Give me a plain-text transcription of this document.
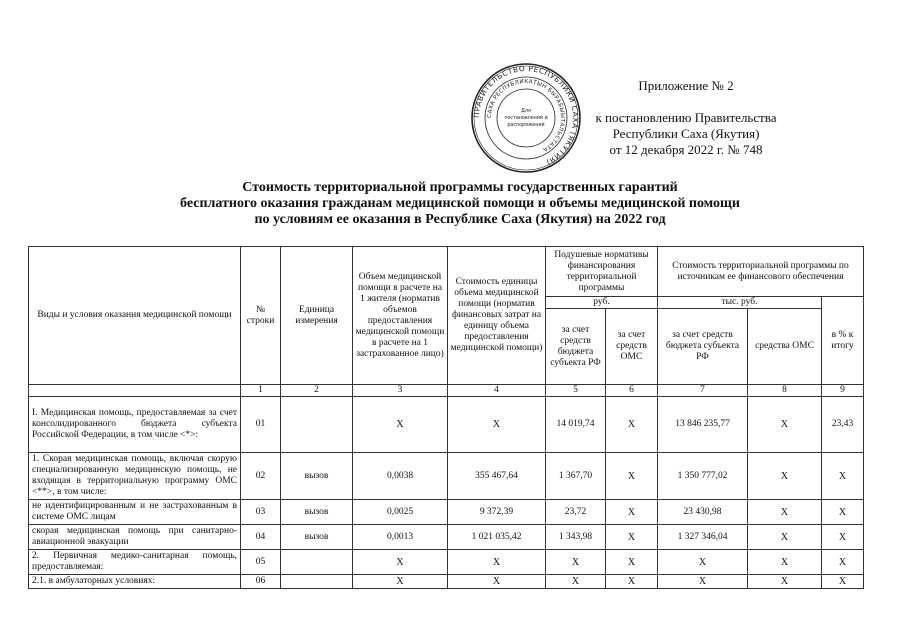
ПРАВИТЕЛЬСТВО РЕСПУБЛИКИ САХА (ЯКУТИЯ)
САХА РЕСПУБЛИКАТЫН БЫРАБЫЫТАЛЬСТАТА
Для
постановлений и
распоряжений
Приложение № 2
к постановлению Правительства
Республики Саха (Якутия)
от 12 декабря 2022 г. № 748
Стоимость территориальной программы государственных гарантий
бесплатного оказания гражданам медицинской помощи и объемы медицинской помощи
по условиям ее оказания в Республике Саха (Якутия) на 2022 год
Виды и условия оказания медицинской помощи	№ строки	Единица измерения	Объем медицинской помощи в расчете на 1 жителя (норматив объемов предоставления медицинской помощи в расчете на 1 застрахованное лицо)	Стоимость единицы объема медицинской помощи (норматив финансовых затрат на единицу объема предоставления медицинской помощи)	Подушевые нормативы финансирования территориальной программы		Стоимость территориальной программы по источникам ее финансового обеспечения		
					руб.		тыс. руб.		в % к итогу
					за счет средств бюджета субъекта РФ	за счет средств ОМС	за счет средств бюджета субъекта РФ	средства ОМС	
	1	2	3	4	5	6	7	8	9
I. Медицинская помощь, предоставляемая за счет консолидированного бюджета субъекта Российской Федерации, в том числе <*>:	01		X	X	14 019,74	X	13 846 235,77	X	23,43
1. Скорая медицинская помощь, включая скорую специализированную медицинскую помощь, не входящая в территориальную программу ОМС <**>, в том числе:	02	вызов	0,0038	355 467,64	1 367,70	X	1 350 777,02	X	X
не идентифицированным и не застрахованным в системе ОМС лицам	03	вызов	0,0025	9 372,39	23,72	X	23 430,98	X	X
скорая медицинская помощь при санитарно-авиационной эвакуации	04	вызов	0,0013	1 021 035,42	1 343,98	X	1 327 346,04	X	X
2. Первичная медико-санитарная помощь, предоставляемая:	05		X	X	X	X	X	X	X
2.1. в амбулаторных условиях:	06		X	X	X	X	X	X	X
